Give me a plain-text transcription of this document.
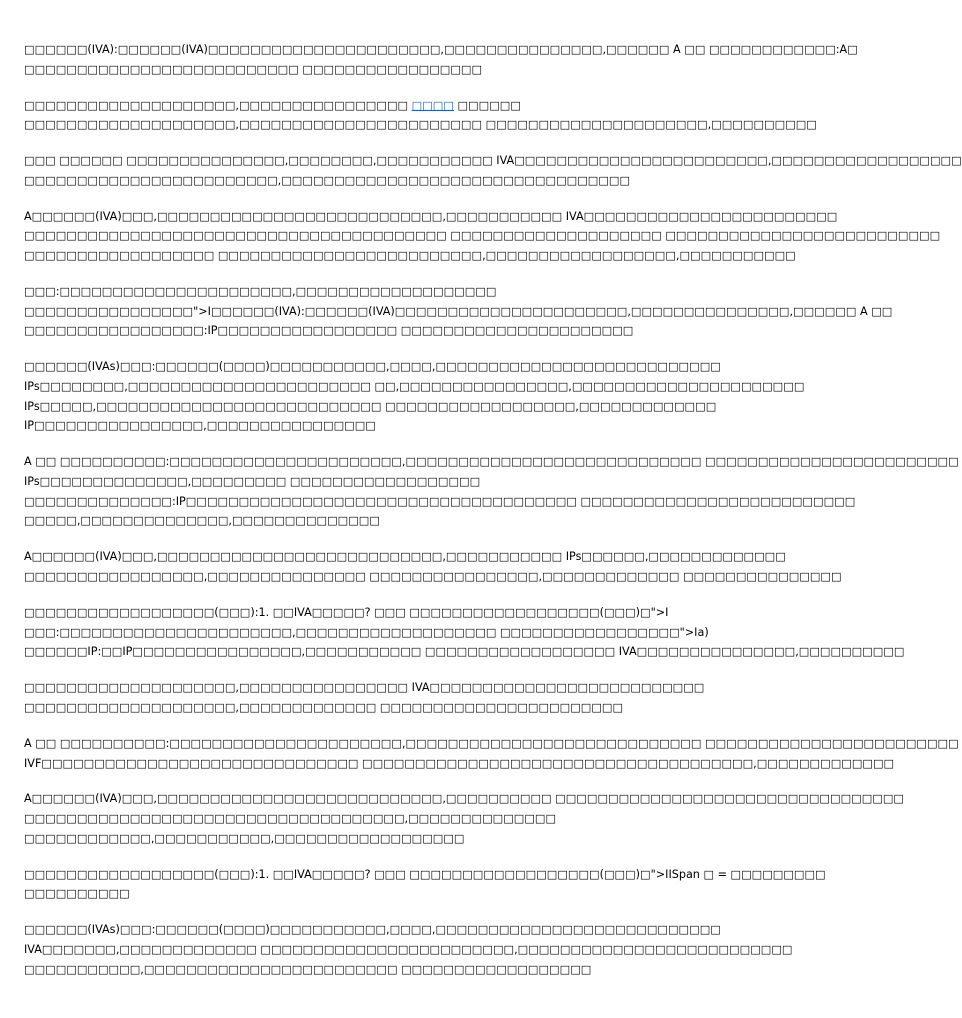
□□□□□□(IVA):□□□□□□(IVA)□□□□□□□□□□□□□□□□□□□□□□,□□□□□□□□□□□□□□□,□□□□□□ A □□ □□□□□□□□□□□□:A□
□□□□□□□□□□□□□□□□□□□□□□□□□□ □□□□□□□□□□□□□□□□□

□□□□□□□□□□□□□□□□□□□□,□□□□□□□□□□□□□□□□ □□□□ □□□□□□
□□□□□□□□□□□□□□□□□□□□,□□□□□□□□□□□□□□□□□□□□□□□ □□□□□□□□□□□□□□□□□□□□□,□□□□□□□□□□

□□□ □□□□□□ □□□□□□□□□□□□□□□,□□□□□□□□,□□□□□□□□□□□ IVA□□□□□□□□□□□□□□□□□□□□□□□□,□□□□□□□□□□□□□□□□□□
□□□□□□□□□□□□□□□□□□□□□□□□,□□□□□□□□□□□□□□□□□□□□□□□□□□□□□□□□□

A□□□□□□(IVA)□□□,□□□□□□□□□□□□□□□□□□□□□□□□□□□,□□□□□□□□□□□ IVA□□□□□□□□□□□□□□□□□□□□□□□□
□□□□□□□□□□□□□□□□□□□□□□□□□□□□□□□□□□□□□□□□ □□□□□□□□□□□□□□□□□□□□ □□□□□□□□□□□□□□□□□□□□□□□□□□
□□□□□□□□□□□□□□□□□□ □□□□□□□□□□□□□□□□□□□□□□□□□,□□□□□□□□□□□□□□□□□□,□□□□□□□□□□□

□□□:□□□□□□□□□□□□□□□□□□□□□□,□□□□□□□□□□□□□□□□□□□
□□□□□□□□□□□□□□□□">I□□□□□□(IVA):□□□□□□(IVA)□□□□□□□□□□□□□□□□□□□□□□,□□□□□□□□□□□□□□□,□□□□□□ A □□
□□□□□□□□□□□□□□□□□:IP□□□□□□□□□□□□□□□□□ □□□□□□□□□□□□□□□□□□□□□□

□□□□□□(IVAs)□□□:□□□□□□(□□□□)□□□□□□□□□□□,□□□□,□□□□□□□□□□□□□□□□□□□□□□□□□□□
IPs□□□□□□□□,□□□□□□□□□□□□□□□□□□□□□□□ □□,□□□□□□□□□□□□□□□□,□□□□□□□□□□□□□□□□□□□□□□
IPs□□□□□,□□□□□□□□□□□□□□□□□□□□□□□□□□□ □□□□□□□□□□□□□□□□□□,□□□□□□□□□□□□□
IP□□□□□□□□□□□□□□□□,□□□□□□□□□□□□□□□□

A □□ □□□□□□□□□□:□□□□□□□□□□□□□□□□□□□□□□,□□□□□□□□□□□□□□□□□□□□□□□□□□□□ □□□□□□□□□□□□□□□□□□□□□□□□
IPs□□□□□□□□□□□□□□,□□□□□□□□□ □□□□□□□□□□□□□□□□□□
□□□□□□□□□□□□□□:IP□□□□□□□□□□□□□□□□□□□□□□□□□□□□□□□□□□□□□ □□□□□□□□□□□□□□□□□□□□□□□□□□
□□□□□,□□□□□□□□□□□□□□,□□□□□□□□□□□□□□

A□□□□□□(IVA)□□□,□□□□□□□□□□□□□□□□□□□□□□□□□□□,□□□□□□□□□□□ IPs□□□□□□,□□□□□□□□□□□□□
□□□□□□□□□□□□□□□□□,□□□□□□□□□□□□□□□ □□□□□□□□□□□□□□□□,□□□□□□□□□□□□□ □□□□□□□□□□□□□□□

□□□□□□□□□□□□□□□□□□(□□□):1. □□IVA□□□□□? □□□ □□□□□□□□□□□□□□□□□□(□□□)□">I
□□□:□□□□□□□□□□□□□□□□□□□□□□,□□□□□□□□□□□□□□□□□□□ □□□□□□□□□□□□□□□□□">Ia)
□□□□□□IP:□□IP□□□□□□□□□□□□□□□□,□□□□□□□□□□□ □□□□□□□□□□□□□□□□□□ IVA□□□□□□□□□□□□□□□,□□□□□□□□□□

□□□□□□□□□□□□□□□□□□□□,□□□□□□□□□□□□□□□□ IVA□□□□□□□□□□□□□□□□□□□□□□□□□□
□□□□□□□□□□□□□□□□□□□□,□□□□□□□□□□□□□ □□□□□□□□□□□□□□□□□□□□□□□

A □□ □□□□□□□□□□:□□□□□□□□□□□□□□□□□□□□□□,□□□□□□□□□□□□□□□□□□□□□□□□□□□□ □□□□□□□□□□□□□□□□□□□□□□□□
IVF□□□□□□□□□□□□□□□□□□□□□□□□□□□□□□ □□□□□□□□□□□□□□□□□□□□□□□□□□□□□□□□□□□□□,□□□□□□□□□□□□□

A□□□□□□(IVA)□□□,□□□□□□□□□□□□□□□□□□□□□□□□□□□,□□□□□□□□□□ □□□□□□□□□□□□□□□□□□□□□□□□□□□□□□□□□
□□□□□□□□□□□□□□□□□□□□□□□□□□□□□□□□□□□□,□□□□□□□□□□□□□□
□□□□□□□□□□□□,□□□□□□□□□□□,□□□□□□□□□□□□□□□□□□

□□□□□□□□□□□□□□□□□□(□□□):1. □□IVA□□□□□? □□□ □□□□□□□□□□□□□□□□□□(□□□)□">IISpan □ = □□□□□□□□□
□□□□□□□□□□

□□□□□□(IVAs)□□□:□□□□□□(□□□□)□□□□□□□□□□□,□□□□,□□□□□□□□□□□□□□□□□□□□□□□□□□□
IVA□□□□□□□,□□□□□□□□□□□□□ □□□□□□□□□□□□□□□□□□□□□□□□,□□□□□□□□□□□□□□□□□□□□□□□□□□
□□□□□□□□□□□,□□□□□□□□□□□□□□□□□□□□□□□□ □□□□□□□□□□□□□□□□□□
